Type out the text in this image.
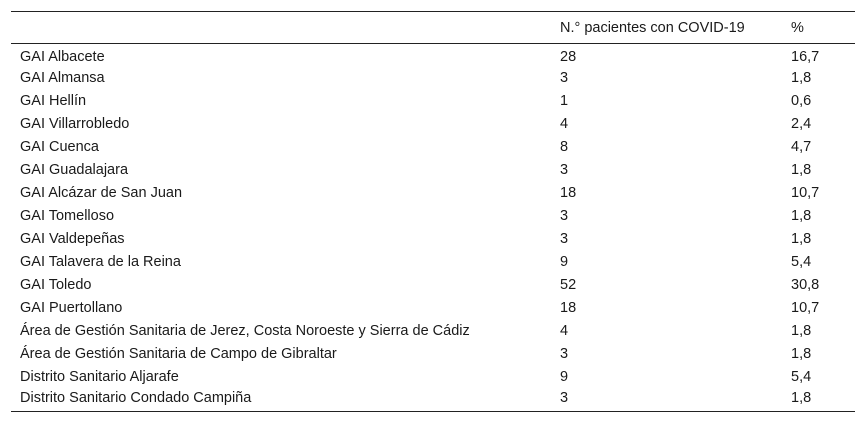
	N.° pacientes con COVID-19	%
GAI Albacete	28	16,7
GAI Almansa	3	1,8
GAI Hellín	1	0,6
GAI Villarrobledo	4	2,4
GAI Cuenca	8	4,7
GAI Guadalajara	3	1,8
GAI Alcázar de San Juan	18	10,7
GAI Tomelloso	3	1,8
GAI Valdepeñas	3	1,8
GAI Talavera de la Reina	9	5,4
GAI Toledo	52	30,8
GAI Puertollano	18	10,7
Área de Gestión Sanitaria de Jerez, Costa Noroeste y Sierra de Cádiz	4	1,8
Área de Gestión Sanitaria de Campo de Gibraltar	3	1,8
Distrito Sanitario Aljarafe	9	5,4
Distrito Sanitario Condado Campiña	3	1,8
